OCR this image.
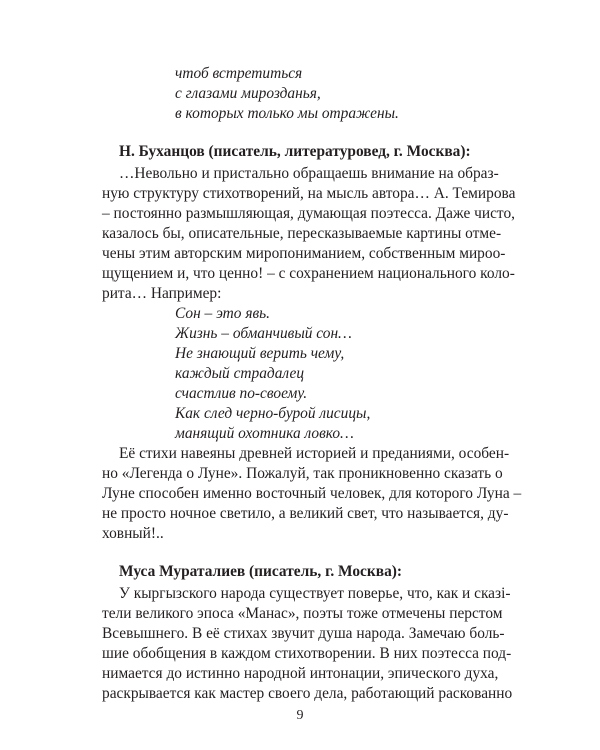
чтоб встретиться
с глазами мирозданья,
в которых только мы отражены.
Н. Буханцов (писатель, литературовед, г. Москва):
…Невольно и пристально обращаешь внимание на образ-
ную структуру стихотворений, на мысль автора… А. Темирова
– постоянно размышляющая, думающая поэтесса. Даже чисто,
казалось бы, описательные, пересказываемые картины отме-
чены этим авторским миропониманием, собственным мироо-
щущением и, что ценно! – с сохранением национального коло-
рита… Например:
Сон – это явь.
Жизнь – обманчивый сон…
Не знающий верить чему,
каждый страдалец
счастлив по-своему.
Как след черно-бурой лисицы,
манящий охотника ловко…
Её стихи навеяны древней историей и преданиями, особен-
но «Легенда о Луне». Пожалуй, так проникновенно сказать о
Луне способен именно восточный человек, для которого Луна –
не просто ночное светило, а великий свет, что называется, ду-
ховный!..
Муса Мураталиев (писатель, г. Москва):
У кыргызского народа существует поверье, что, как и сказі-
тели великого эпоса «Манас», поэты тоже отмечены перстом
Всевышнего. В её стихах звучит душа народа. Замечаю боль-
шие обобщения в каждом стихотворении. В них поэтесса под-
нимается до истинно народной интонации, эпического духа,
раскрывается как мастер своего дела, работающий раскованно
9
